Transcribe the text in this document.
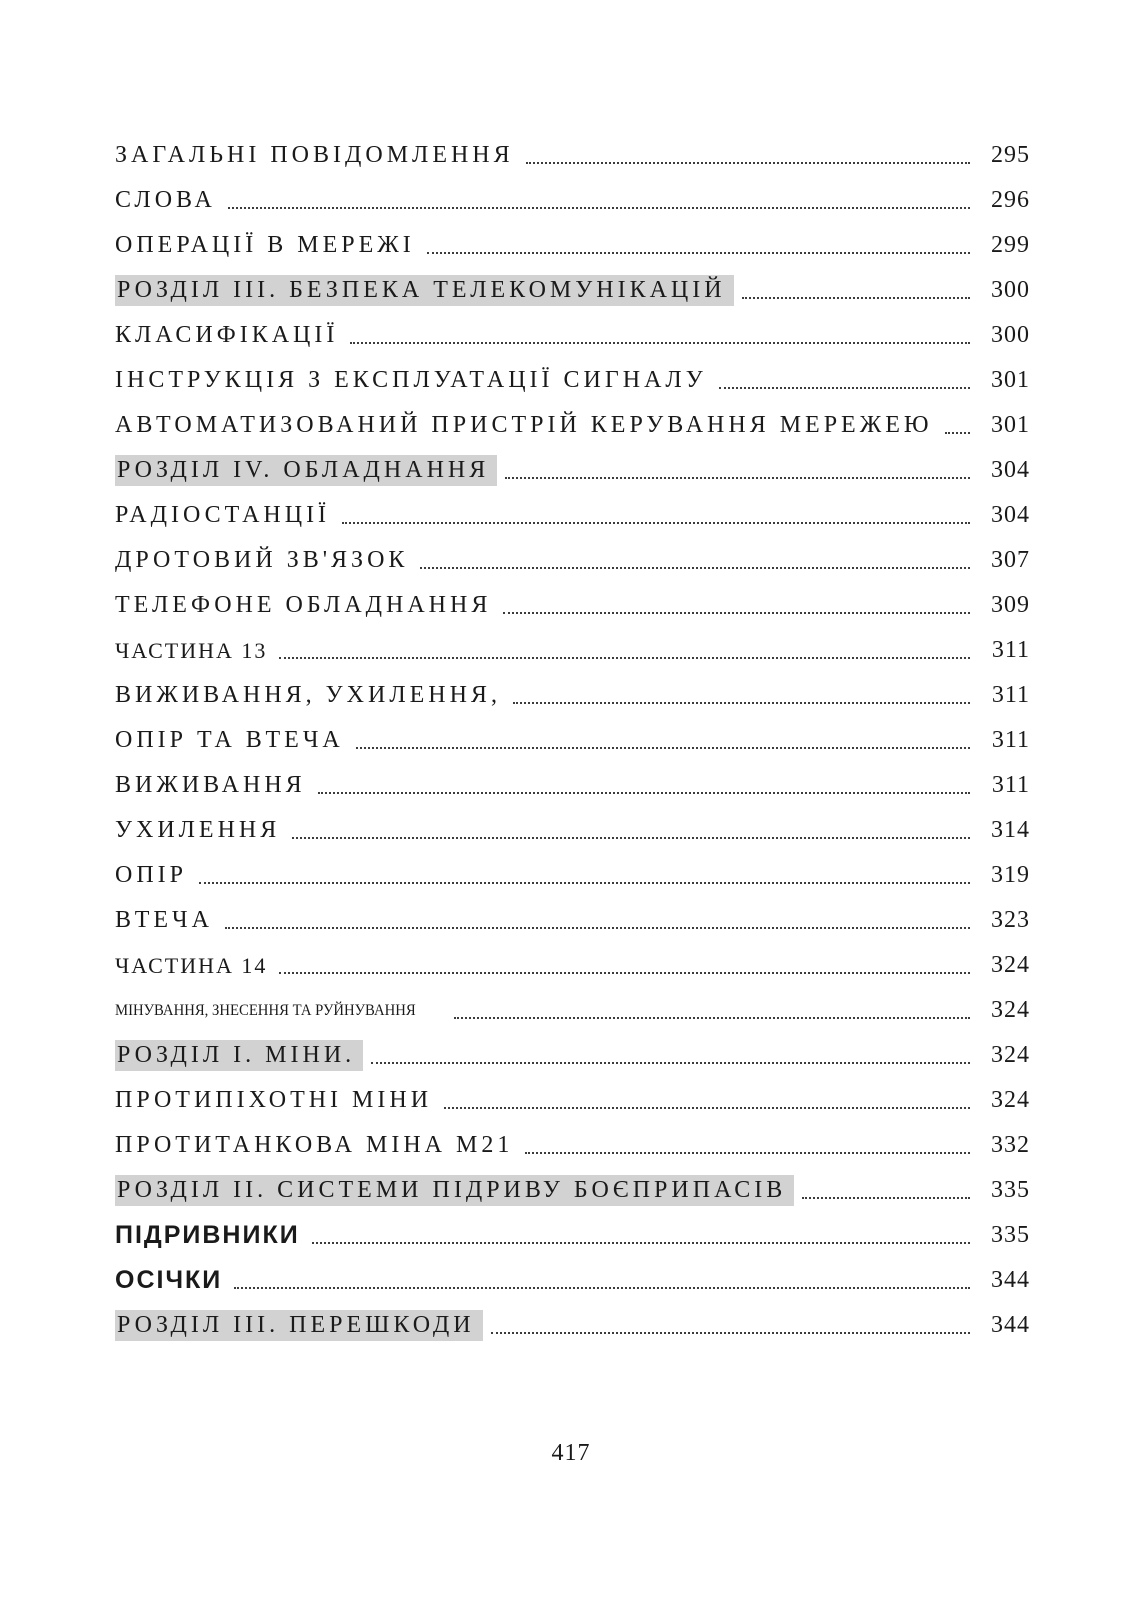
ЗАГАЛЬНІ ПОВІДОМЛЕННЯ	295
СЛОВА	296
ОПЕРАЦІЇ В МЕРЕЖІ	299
РОЗДІЛ III. БЕЗПЕКА ТЕЛЕКОМУНІКАЦІЙ	300
КЛАСИФІКАЦІЇ	300
ІНСТРУКЦІЯ З ЕКСПЛУАТАЦІЇ СИГНАЛУ	301
АВТОМАТИЗОВАНИЙ ПРИСТРІЙ КЕРУВАННЯ МЕРЕЖЕЮ	301
РОЗДІЛ IV. ОБЛАДНАННЯ	304
РАДІОСТАНЦІЇ	304
ДРОТОВИЙ ЗВ'ЯЗОК	307
ТЕЛЕФОНЕ ОБЛАДНАННЯ	309
ЧАСТИНА 13	311
ВИЖИВАННЯ, УХИЛЕННЯ,	311
ОПІР ТА ВТЕЧА	311
ВИЖИВАННЯ	311
УХИЛЕННЯ	314
ОПІР	319
ВТЕЧА	323
ЧАСТИНА 14	324
МІНУВАННЯ, ЗНЕСЕННЯ ТА РУЙНУВАННЯ	324
РОЗДІЛ I. МІНИ.	324
ПРОТИПІХОТНІ МІНИ	324
ПРОТИТАНКОВА МІНА М21	332
РОЗДІЛ II. СИСТЕМИ ПІДРИВУ БОЄПРИПАСІВ	335
ПІДРИВНИКИ	335
ОСІЧКИ	344
РОЗДІЛ III. ПЕРЕШКОДИ	344
417
